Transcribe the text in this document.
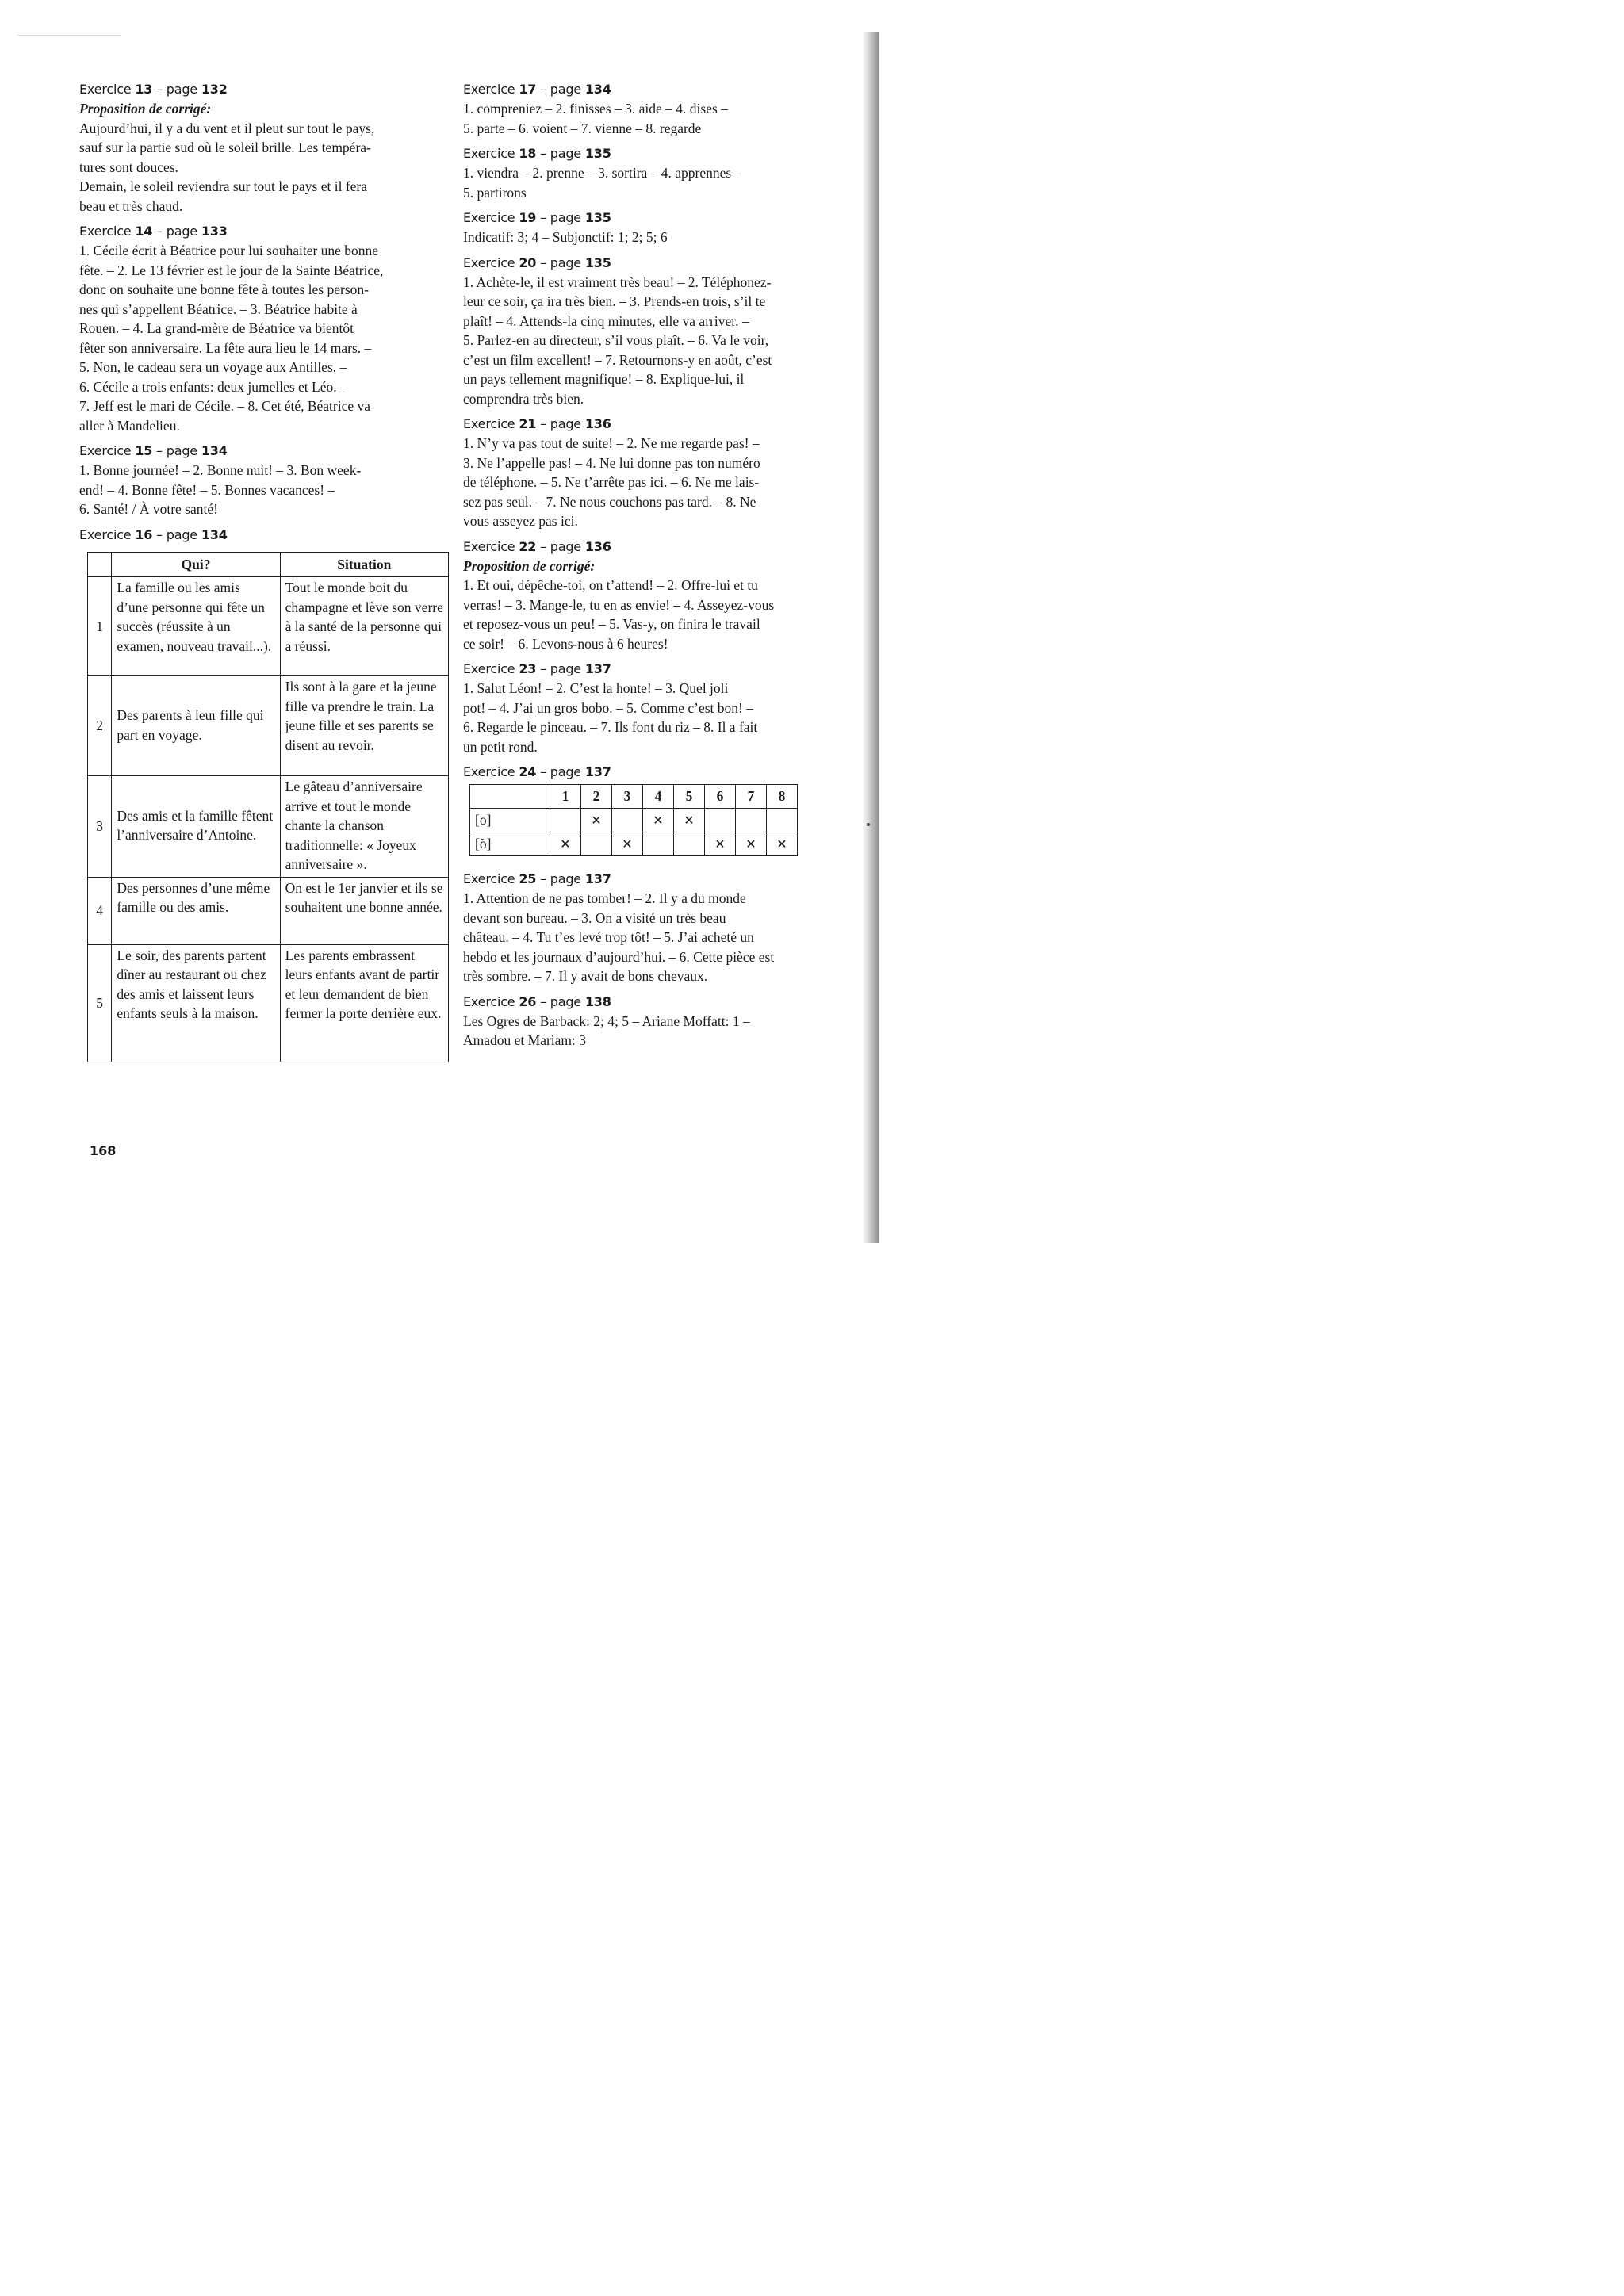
Exercice 13 – page 132
Proposition de corrigé:
Aujourd’hui, il y a du vent et il pleut sur tout le pays,
sauf sur la partie sud où le soleil brille. Les tempéra-
tures sont douces.
Demain, le soleil reviendra sur tout le pays et il fera
beau et très chaud.
Exercice 14 – page 133
1. Cécile écrit à Béatrice pour lui souhaiter une bonne
fête. – 2. Le 13 février est le jour de la Sainte Béatrice,
donc on souhaite une bonne fête à toutes les person-
nes qui s’appellent Béatrice. – 3. Béatrice habite à
Rouen. – 4. La grand-mère de Béatrice va bientôt
fêter son anniversaire. La fête aura lieu le 14 mars. –
5. Non, le cadeau sera un voyage aux Antilles. –
6. Cécile a trois enfants: deux jumelles et Léo. –
7. Jeff est le mari de Cécile. – 8. Cet été, Béatrice va
aller à Mandelieu.
Exercice 15 – page 134
1. Bonne journée! – 2. Bonne nuit! – 3. Bon week-
end! – 4. Bonne fête! – 5. Bonnes vacances! –
6. Santé! / À votre santé!
Exercice 16 – page 134
	Qui?	Situation
1	La famille ou les amis d’une personne qui fête un succès (réussite à un examen, nouveau travail...).	Tout le monde boit du champagne et lève son verre à la santé de la personne qui a réussi.
2	Des parents à leur fille qui part en voyage.	Ils sont à la gare et la jeune fille va prendre le train. La jeune fille et ses parents se disent au revoir.
3	Des amis et la famille fêtent l’anniversaire d’Antoine.	Le gâteau d’anniversaire arrive et tout le monde chante la chanson traditionnelle: « Joyeux anniversaire ».
4	Des personnes d’une même famille ou des amis.	On est le 1er janvier et ils se souhaitent une bonne année.
5	Le soir, des parents partent dîner au restaurant ou chez des amis et laissent leurs enfants seuls à la maison.	Les parents embrassent leurs enfants avant de partir et leur demandent de bien fermer la porte derrière eux.
Exercice 17 – page 134
1. compreniez – 2. finisses – 3. aide – 4. dises –
5. parte – 6. voient – 7. vienne – 8. regarde
Exercice 18 – page 135
1. viendra – 2. prenne – 3. sortira – 4. apprennes –
5. partirons
Exercice 19 – page 135
Indicatif: 3; 4 – Subjonctif: 1; 2; 5; 6
Exercice 20 – page 135
1. Achète-le, il est vraiment très beau! – 2. Téléphonez-
leur ce soir, ça ira très bien. – 3. Prends-en trois, s’il te
plaît! – 4. Attends-la cinq minutes, elle va arriver. –
5. Parlez-en au directeur, s’il vous plaît. – 6. Va le voir,
c’est un film excellent! – 7. Retournons-y en août, c’est
un pays tellement magnifique! – 8. Explique-lui, il
comprendra très bien.
Exercice 21 – page 136
1. N’y va pas tout de suite! – 2. Ne me regarde pas! –
3. Ne l’appelle pas! – 4. Ne lui donne pas ton numéro
de téléphone. – 5. Ne t’arrête pas ici. – 6. Ne me lais-
sez pas seul. – 7. Ne nous couchons pas tard. – 8. Ne
vous asseyez pas ici.
Exercice 22 – page 136
Proposition de corrigé:
1. Et oui, dépêche-toi, on t’attend! – 2. Offre-lui et tu
verras! – 3. Mange-le, tu en as envie! – 4. Asseyez-vous
et reposez-vous un peu! – 5. Vas-y, on finira le travail
ce soir! – 6. Levons-nous à 6 heures!
Exercice 23 – page 137
1. Salut Léon! – 2. C’est la honte! – 3. Quel joli
pot! – 4. J’ai un gros bobo. – 5. Comme c’est bon! –
6. Regarde le pinceau. – 7. Ils font du riz – 8. Il a fait
un petit rond.
Exercice 24 – page 137
	1	2	3	4	5	6	7	8
[o]		✕		✕	✕			
[õ]	✕		✕			✕	✕	✕
Exercice 25 – page 137
1. Attention de ne pas tomber! – 2. Il y a du monde
devant son bureau. – 3. On a visité un très beau
château. – 4. Tu t’es levé trop tôt! – 5. J’ai acheté un
hebdo et les journaux d’aujourd’hui. – 6. Cette pièce est
très sombre. – 7. Il y avait de bons chevaux.
Exercice 26 – page 138
Les Ogres de Barback: 2; 4; 5 – Ariane Moffatt: 1 –
Amadou et Mariam: 3
168
